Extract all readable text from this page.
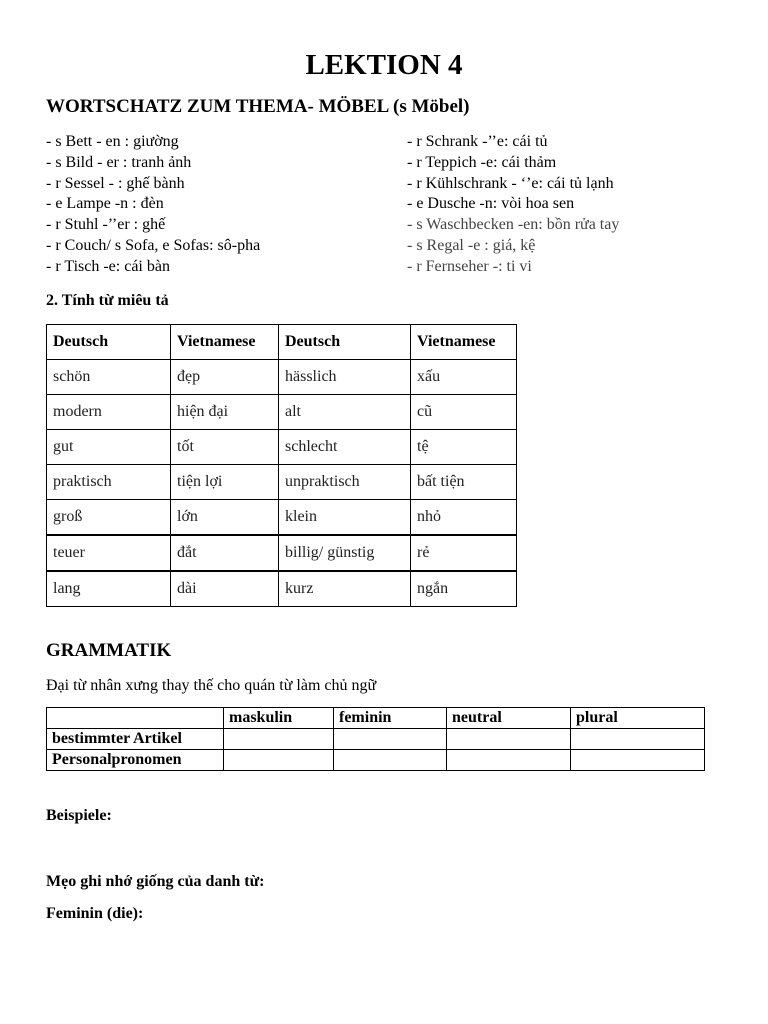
LEKTION 4
WORTSCHATZ ZUM THEMA- MÖBEL (s Möbel)
- s Bett - en : giường
- s Bild - er : tranh ảnh
- r Sessel - : ghế bành
- e Lampe -n : đèn
- r Stuhl -’’er : ghế
- r Couch/ s Sofa, e Sofas: sô-pha
- r Tisch -e: cái bàn
- r Schrank -’’e: cái tủ
- r Teppich -e: cái thảm
- r Kühlschrank - ‘’e: cái tủ lạnh
- e Dusche -n: vòi hoa sen
- s Waschbecken -en: bồn rửa tay
- s Regal -e : giá, kệ
- r Fernseher -: ti vi
2. Tính từ miêu tả
Deutsch	Vietnamese	Deutsch	Vietnamese
schön	đẹp	hässlich	xấu
modern	hiện đại	alt	cũ
gut	tốt	schlecht	tệ
praktisch	tiện lợi	unpraktisch	bất tiện
groß	lớn	klein	nhỏ
teuer	đắt	billig/ günstig	rẻ
lang	dài	kurz	ngắn
GRAMMATIK
Đại từ nhân xưng thay thế cho quán từ làm chủ ngữ
	maskulin	feminin	neutral	plural
bestimmter Artikel				
Personalpronomen				
Beispiele:
Mẹo ghi nhớ giống của danh từ:
Feminin (die):
